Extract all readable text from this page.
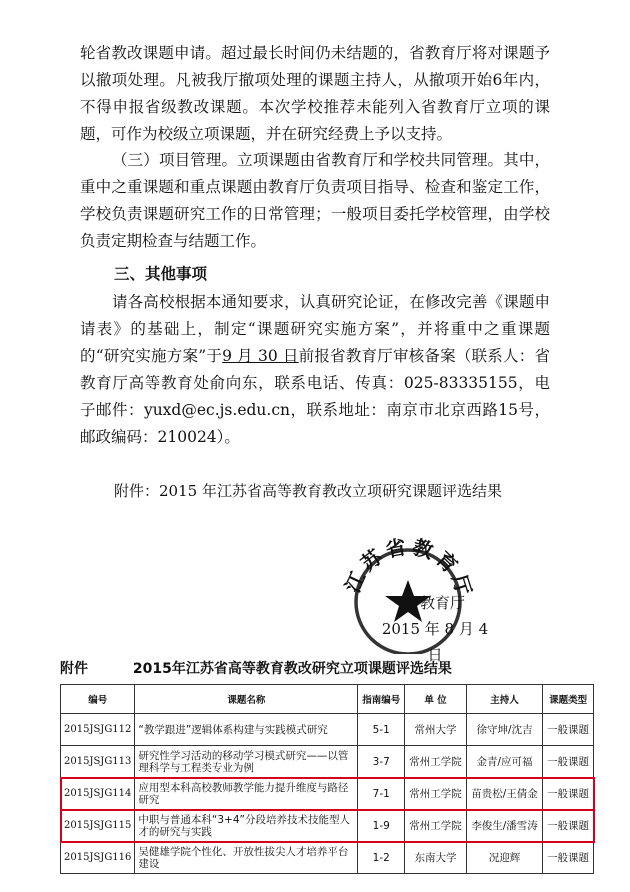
轮省教改课题申请。超过最长时间仍未结题的，省教育厅将对课题予以撤项处理。凡被我厅撤项处理的课题主持人，从撤项开始6年内，不得申报省级教改课题。本次学校推荐未能列入省教育厅立项的课题，可作为校级立项课题，并在研究经费上予以支持。
（三）项目管理。立项课题由省教育厅和学校共同管理。其中，重中之重课题和重点课题由教育厅负责项目指导、检查和鉴定工作，学校负责课题研究工作的日常管理；一般项目委托学校管理，由学校负责定期检查与结题工作。
三、其他事项
请各高校根据本通知要求，认真研究论证，在修改完善《课题申请表》的基础上，制定“课题研究实施方案”，并将重中之重课题的“研究实施方案”于9 月 30 日前报省教育厅审核备案（联系人：省教育厅高等教育处俞向东，联系电话、传真：025-83335155，电子邮件：yuxd@ec.js.edu.cn，联系地址：南京市北京西路15号，邮政编码：210024）。
附件：2015 年江苏省高等教育教改立项研究课题评选结果
江苏省教育厅
省教育厅
2015 年 8 月 4 日
附件	2015年江苏省高等教育教改研究立项课题评选结果
编号	课题名称	指南编号	单 位	主持人	课题类型
2015JSJG112	“教学跟进”逻辑体系构建与实践模式研究	5-1	常州大学	徐守坤/沈吉	一般课题
2015JSJG113	研究性学习活动的移动学习模式研究——以管理科学与工程类专业为例	3-7	常州工学院	金青/应可福	一般课题
2015JSJG114	应用型本科高校教师教学能力提升维度与路径研究	7-1	常州工学院	苗贵松/王倩金	一般课题
2015JSJG115	中职与普通本科“3+4”分段培养技术技能型人才的研究与实践	1-9	常州工学院	李俊生/潘雪涛	一般课题
2015JSJG116	吴健雄学院个性化、开放性拔尖人才培养平台建设	1-2	东南大学	况迎辉	一般课题
